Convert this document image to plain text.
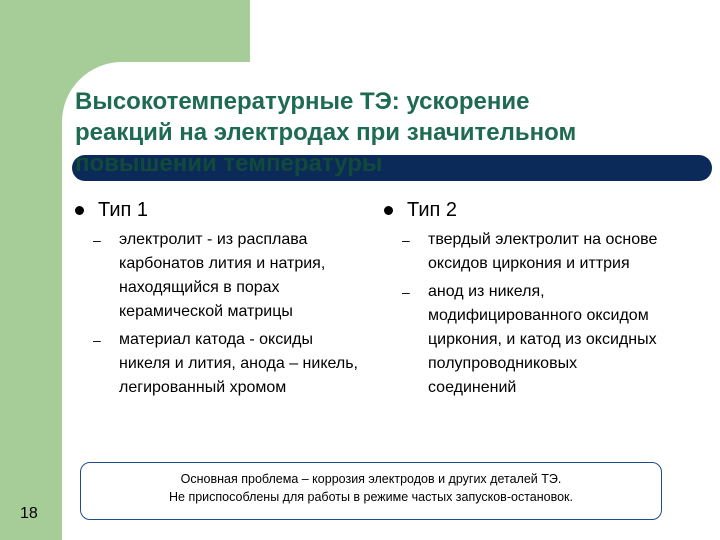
Высокотемпературные ТЭ: ускорение
реакций на электродах при значительном
повышении температуры
Тип 1
–	электролит - из расплава карбонатов лития и натрия, находящийся в порах керамической матрицы
–	материал катода - оксиды никеля и лития, анода – никель, легированный хромом
Тип 2
–	твердый электролит на основе оксидов циркония и иттрия
–	анод из никеля, модифицированного оксидом циркония, и катод из оксидных полупроводниковых соединений
Основная проблема – коррозия электродов и других деталей ТЭ.
Не приспособлены для работы в режиме частых запусков-остановок.
18
